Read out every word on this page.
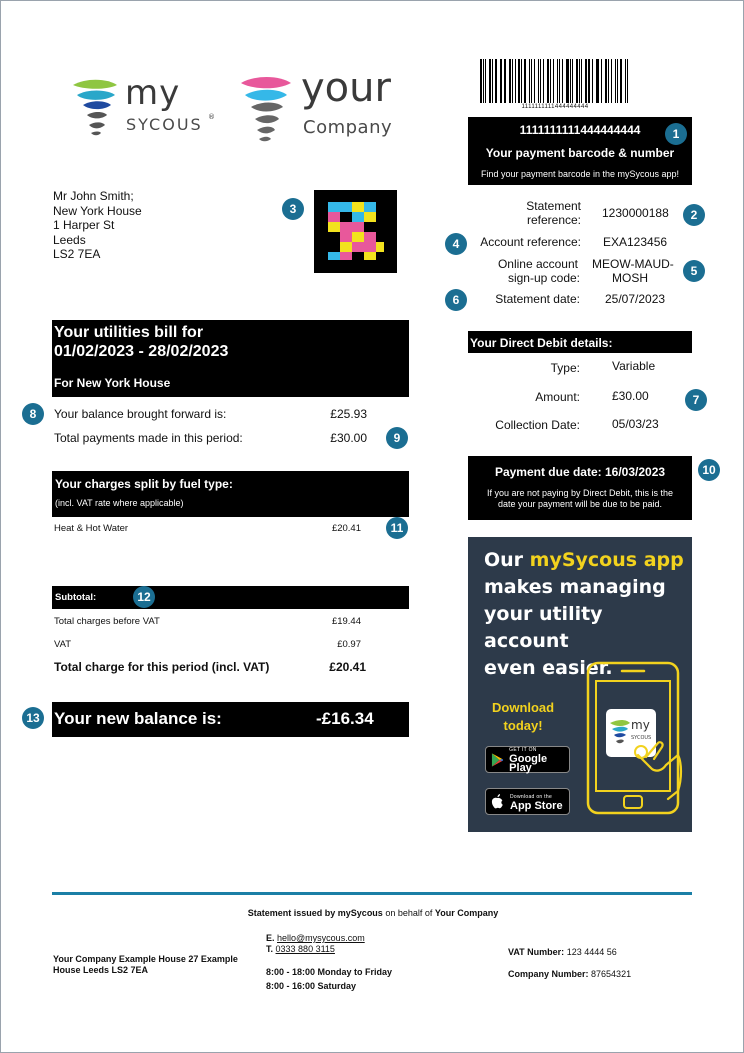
my
SYCOUS ®
your
Company
1111111111444444444
1111111111444444444
Your payment barcode & number
Find your payment barcode in the mySycous app!
Mr John Smith;
New York House
1 Harper St
Leeds
LS2 7EA
Statement reference: 1230000188
Account reference: EXA123456
Online account
sign-up code:
MEOW-MAUD-
MOSH
Statement date: 25/07/2023
Your utilities bill for
01/02/2023 - 28/02/2023
For New York House
Your balance brought forward is:	£25.93
Total payments made in this period:	£30.00
Your charges split by fuel type:
(incl. VAT rate where applicable)
Heat & Hot Water	£20.41
Subtotal:
Total charges before VAT	£19.44
VAT	£0.97
Total charge for this period (incl. VAT)	£20.41
Your new balance is:	-£16.34
Your Direct Debit details:
Type:	Variable
Amount:	£30.00
Collection Date:	05/03/23
Payment due date: 16/03/2023
If you are not paying by Direct Debit, this is the
date your payment will be due to be paid.
Our mySycous app
makes managing
your utility account
even easier.
Download
today!
GET IT ON
Google Play
Download on the
App Store
my
SYCOUS
1
2
3
4
5
6
7
8
9
10
11
12
13
Statement issued by mySycous on behalf of Your Company
Your Company Example House 27 Example House Leeds LS2 7EA
E. hello@mysycous.com
T. 0333 880 3115
8:00 - 18:00 Monday to Friday
8:00 - 16:00 Saturday
VAT Number: 123 4444 56
Company Number: 87654321
